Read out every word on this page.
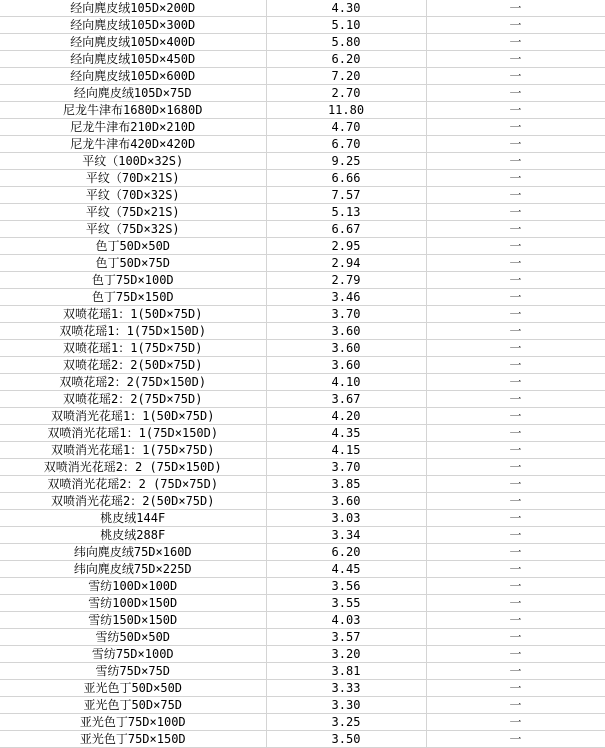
经向麂皮绒105D×200D	4.30	一
经向麂皮绒105D×300D	5.10	一
经向麂皮绒105D×400D	5.80	一
经向麂皮绒105D×450D	6.20	一
经向麂皮绒105D×600D	7.20	一
经向麂皮绒105D×75D	2.70	一
尼龙牛津布1680D×1680D	11.80	一
尼龙牛津布210D×210D	4.70	一
尼龙牛津布420D×420D	6.70	一
平纹（100D×32S)	9.25	一
平纹（70D×21S)	6.66	一
平纹（70D×32S)	7.57	一
平纹（75D×21S)	5.13	一
平纹（75D×32S)	6.67	一
色丁50D×50D	2.95	一
色丁50D×75D	2.94	一
色丁75D×100D	2.79	一
色丁75D×150D	3.46	一
双喷花瑶1：1(50D×75D)	3.70	一
双喷花瑶1：1(75D×150D)	3.60	一
双喷花瑶1：1(75D×75D)	3.60	一
双喷花瑶2：2(50D×75D)	3.60	一
双喷花瑶2：2(75D×150D)	4.10	一
双喷花瑶2：2(75D×75D)	3.67	一
双喷消光花瑶1：1(50D×75D)	4.20	一
双喷消光花瑶1：1(75D×150D)	4.35	一
双喷消光花瑶1：1(75D×75D)	4.15	一
双喷消光花瑶2：2 (75D×150D)	3.70	一
双喷消光花瑶2：2 (75D×75D)	3.85	一
双喷消光花瑶2：2(50D×75D)	3.60	一
桃皮绒144F	3.03	一
桃皮绒288F	3.34	一
纬向麂皮绒75D×160D	6.20	一
纬向麂皮绒75D×225D	4.45	一
雪纺100D×100D	3.56	一
雪纺100D×150D	3.55	一
雪纺150D×150D	4.03	一
雪纺50D×50D	3.57	一
雪纺75D×100D	3.20	一
雪纺75D×75D	3.81	一
亚光色丁50D×50D	3.33	一
亚光色丁50D×75D	3.30	一
亚光色丁75D×100D	3.25	一
亚光色丁75D×150D	3.50	一
